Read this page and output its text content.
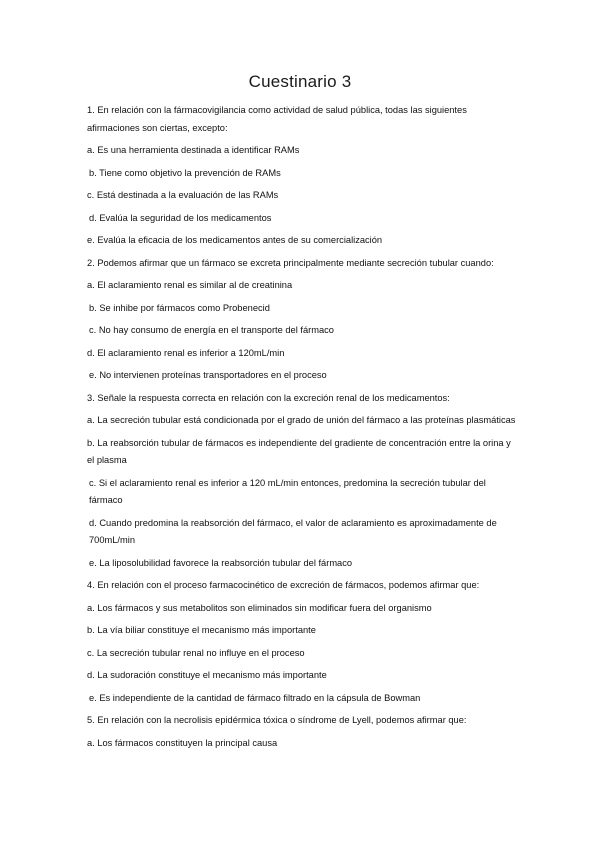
Cuestinario 3

1. En relación con la fármacovigilancia como actividad de salud pública, todas las siguientes afirmaciones son ciertas, excepto:

a. Es una herramienta destinada a identificar RAMs

b. Tiene como objetivo la prevención de RAMs

c. Está destinada a la evaluación de las RAMs

d. Evalúa la seguridad de los medicamentos

e. Evalúa la eficacia de los medicamentos antes de su comercialización

2. Podemos afirmar que un fármaco se excreta principalmente mediante secreción tubular cuando:

a. El aclaramiento renal es similar al de creatinina

b. Se inhibe por fármacos como Probenecid

c. No hay consumo de energía en el transporte del fármaco

d. El aclaramiento renal es inferior a 120mL/min

e. No intervienen proteínas transportadores en el proceso

3. Señale la respuesta correcta en relación con la excreción renal de los medicamentos:

a. La secreción tubular está condicionada por el grado de unión del fármaco a las proteínas plasmáticas

b. La reabsorción tubular de fármacos es independiente del gradiente de concentración entre la orina y el plasma

c. Si el aclaramiento renal es inferior a 120 mL/min entonces, predomina la secreción tubular del fármaco

d. Cuando predomina la reabsorción del fármaco, el valor de aclaramiento es aproximadamente de 700mL/min

e. La liposolubilidad favorece la reabsorción tubular del fármaco

4. En relación con el proceso farmacocinético de excreción de fármacos, podemos afirmar que:

a. Los fármacos y sus metabolitos son eliminados sin modificar fuera del organismo

b. La vía biliar constituye el mecanismo más importante

c. La secreción tubular renal no influye en el proceso

d. La sudoración constituye el mecanismo más importante

e. Es independiente de la cantidad de fármaco filtrado en la cápsula de Bowman

5. En relación con la necrolisis epidérmica tóxica o síndrome de Lyell, podemos afirmar que:

a. Los fármacos constituyen la principal causa
